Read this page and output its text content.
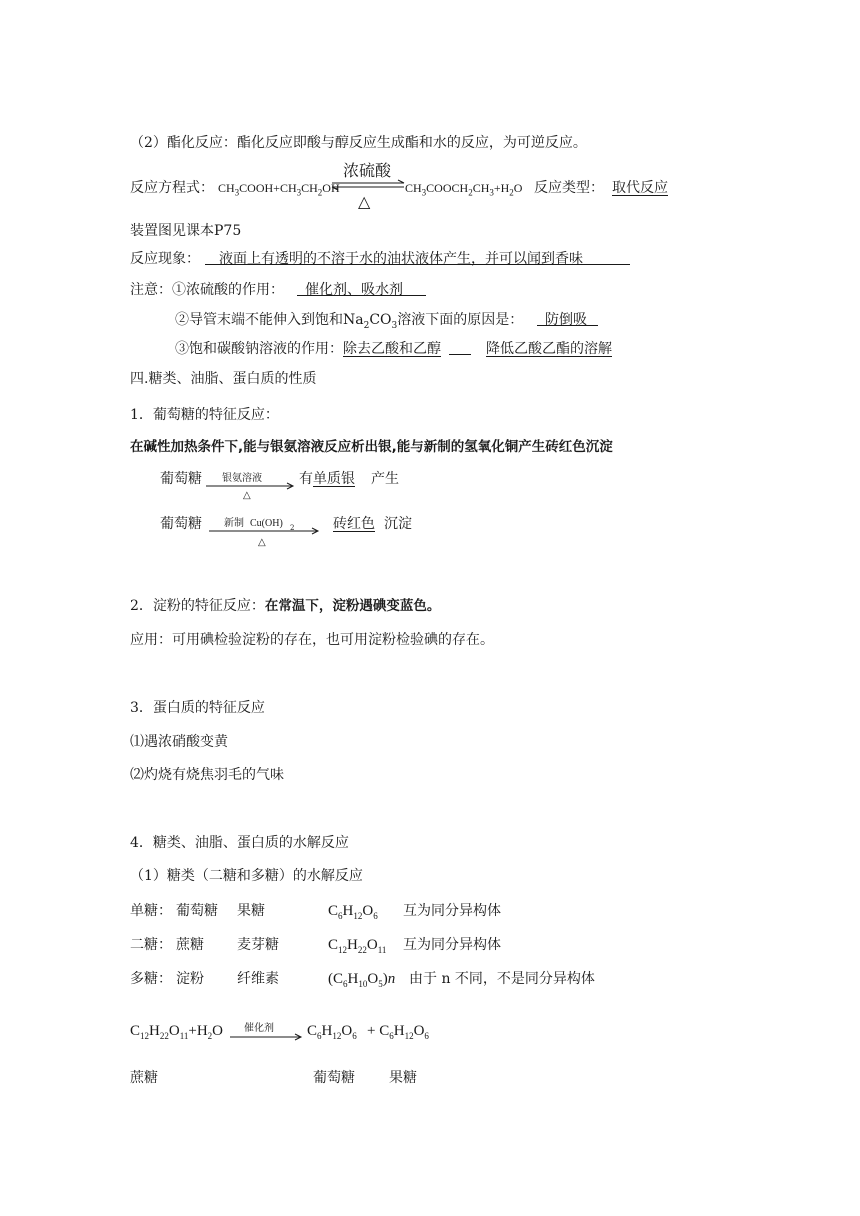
（2）酯化反应：酯化反应即酸与醇反应生成酯和水的反应，为可逆反应。
反应方程式： $CH_3COOH+CH_3CH_2OH$
浓硫酸
△
$CH_3COOCH_2CH_3+H_2O$ 反应类型： 取代反应
装置图见课本P75
反应现象： 液面上有透明的不溶于水的油状液体产生，并可以闻到香味
注意：①浓硫酸的作用： 催化剂、吸水剂
②导管末端不能伸入到饱和$Na_2CO_3$溶液下面的原因是： 防倒吸
③饱和碳酸钠溶液的作用： 除去乙酸和乙醇	降低乙酸乙酯的溶解
四.糖类、油脂、蛋白质的性质
1．葡萄糖的特征反应：
在碱性加热条件下,能与银氨溶液反应析出银,能与新制的氢氧化铜产生砖红色沉淀
葡萄糖 银氨溶液
△
有 单质银 产生
葡萄糖 新制 Cu(OH) 2
△
砖红色 沉淀
2．淀粉的特征反应：在常温下，淀粉遇碘变蓝色。
应用：可用碘检验淀粉的存在，也可用淀粉检验碘的存在。
3．蛋白质的特征反应
⑴遇浓硝酸变黄
⑵灼烧有烧焦羽毛的气味
4．糖类、油脂、蛋白质的水解反应
（1）糖类（二糖和多糖）的水解反应
单糖： 葡萄糖 果糖	$C_6H_{12}O_6$ 互为同分异构体
二糖： 蔗糖 麦芽糖	$C_{12}H_{22}O_{11}$ 互为同分异构体
多糖： 淀粉 纤维素	$(C_6H_{10}O_5)n$ 由于 n 不同，不是同分异构体
$C_{12}H_{22}O_{11}+H_2O$ 催化剂 $C_6H_{12}O_6 + C_6H_{12}O_6$
蔗糖	葡萄糖 果糖
